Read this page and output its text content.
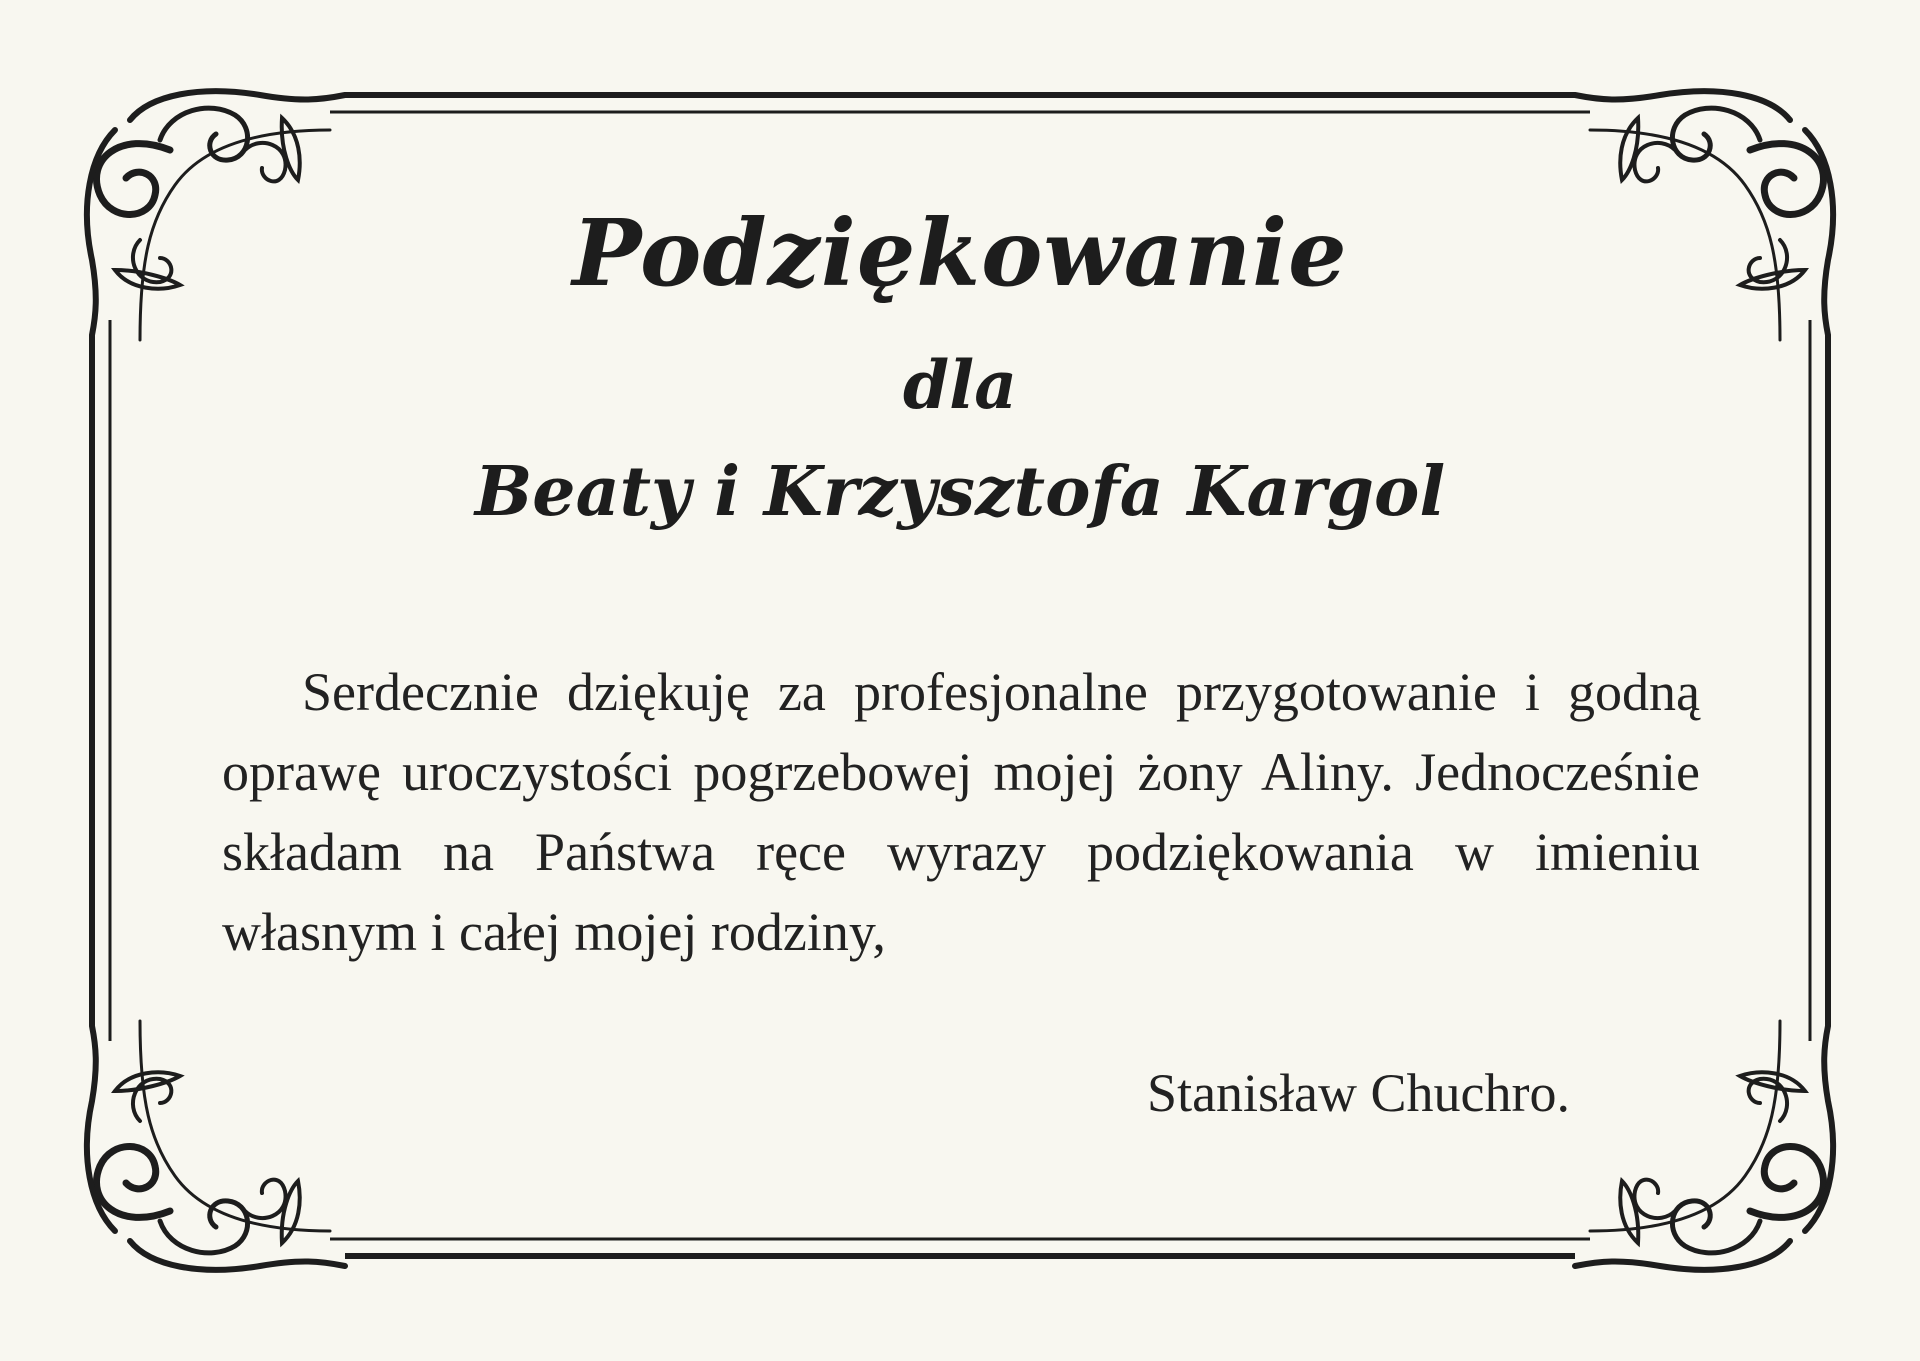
Podziękowanie
dla
Beaty i Krzysztofa Kargol

Serdecznie dziękuję za profesjonalne przygotowanie i godną oprawę uroczystości pogrzebowej mojej żony Aliny. Jednocześnie składam na Państwa ręce wyrazy podziękowania w imieniu własnym i całej mojej rodziny,

Stanisław Chuchro.
